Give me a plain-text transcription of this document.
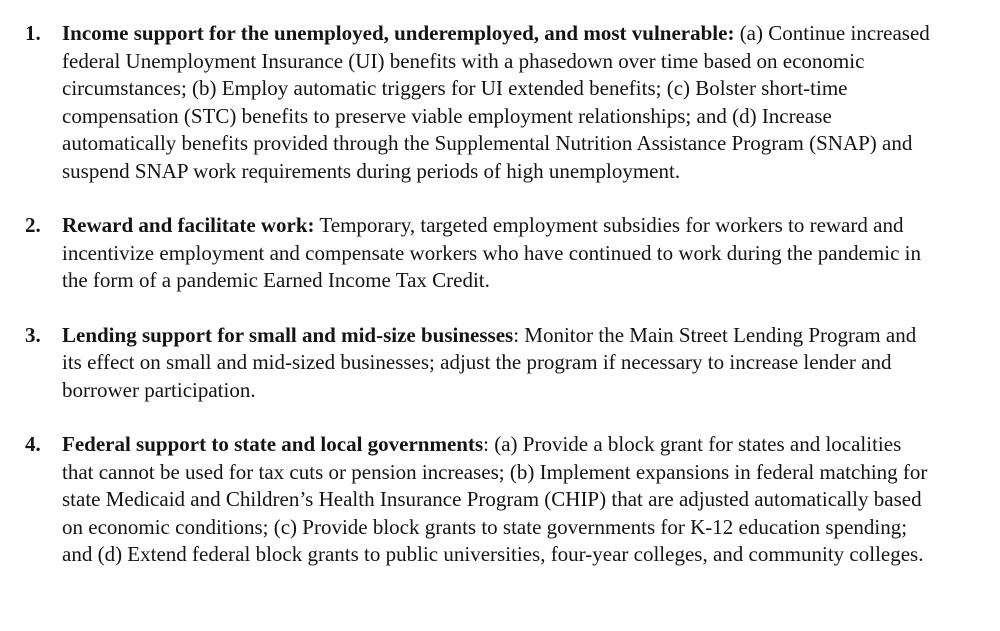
1. Income support for the unemployed, underemployed, and most vulnerable: (a) Continue increased federal Unemployment Insurance (UI) benefits with a phasedown over time based on economic circumstances; (b) Employ automatic triggers for UI extended benefits; (c) Bolster short-time compensation (STC) benefits to preserve viable employment relationships; and (d) Increase automatically benefits provided through the Supplemental Nutrition Assistance Program (SNAP) and suspend SNAP work requirements during periods of high unemployment.
2. Reward and facilitate work: Temporary, targeted employment subsidies for workers to reward and incentivize employment and compensate workers who have continued to work during the pandemic in the form of a pandemic Earned Income Tax Credit.
3. Lending support for small and mid-size businesses: Monitor the Main Street Lending Program and its effect on small and mid-sized businesses; adjust the program if necessary to increase lender and borrower participation.
4. Federal support to state and local governments: (a) Provide a block grant for states and localities that cannot be used for tax cuts or pension increases; (b) Implement expansions in federal matching for state Medicaid and Children’s Health Insurance Program (CHIP) that are adjusted automatically based on economic conditions; (c) Provide block grants to state governments for K-12 education spending; and (d) Extend federal block grants to public universities, four-year colleges, and community colleges.
